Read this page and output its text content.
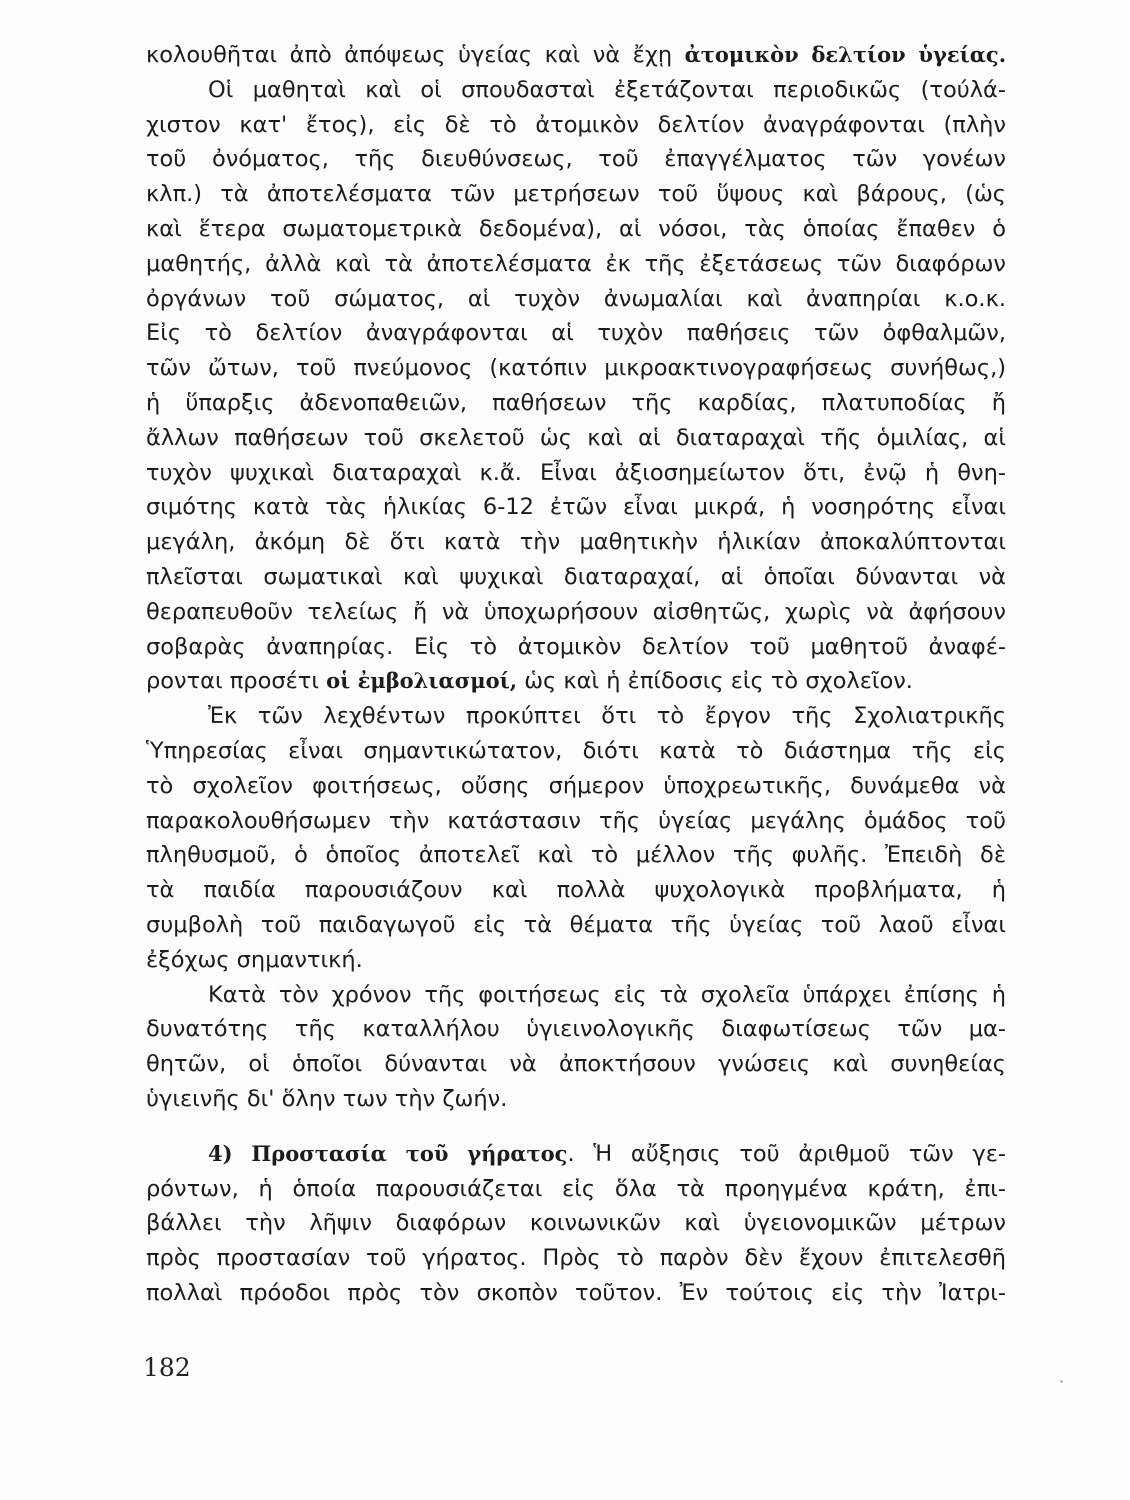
κολουθῆται ἀπὸ ἀπόψεως ὑγείας καὶ νὰ ἔχῃ ἀτομικὸν δελτίον ὑγείας.
Οἱ μαθηταὶ καὶ οἱ σπουδασταὶ ἐξετάζονται περιοδικῶς (τούλά-
χιστον κατ' ἔτος), εἰς δὲ τὸ ἀτομικὸν δελτίον ἀναγράφονται (πλὴν
τοῦ ὀνόματος, τῆς διευθύνσεως, τοῦ ἐπαγγέλματος τῶν γονέων
κλπ.) τὰ ἀποτελέσματα τῶν μετρήσεων τοῦ ὕψους καὶ βάρους, (ὡς
καὶ ἕτερα σωματομετρικὰ δεδομένα), αἱ νόσοι, τὰς ὁποίας ἔπαθεν ὁ
μαθητής, ἀλλὰ καὶ τὰ ἀποτελέσματα ἐκ τῆς ἐξετάσεως τῶν διαφόρων
ὀργάνων τοῦ σώματος, αἱ τυχὸν ἀνωμαλίαι καὶ ἀναπηρίαι κ.ο.κ.
Εἰς τὸ δελτίον ἀναγράφονται αἱ τυχὸν παθήσεις τῶν ὀφθαλμῶν,
τῶν ὤτων, τοῦ πνεύμονος (κατόπιν μικροακτινογραφήσεως συνήθως,)
ἡ ὕπαρξις ἀδενοπαθειῶν, παθήσεων τῆς καρδίας, πλατυποδίας ἤ
ἄλλων παθήσεων τοῦ σκελετοῦ ὡς καὶ αἱ διαταραχαὶ τῆς ὁμιλίας, αἱ
τυχὸν ψυχικαὶ διαταραχαὶ κ.ἄ. Εἶναι ἀξιοσημείωτον ὅτι, ἐνῷ ἡ θνη-
σιμότης κατὰ τὰς ἡλικίας 6-12 ἐτῶν εἶναι μικρά, ἡ νοσηρότης εἶναι
μεγάλη, ἀκόμη δὲ ὅτι κατὰ τὴν μαθητικὴν ἡλικίαν ἀποκαλύπτονται
πλεῖσται σωματικαὶ καὶ ψυχικαὶ διαταραχαί, αἱ ὁποῖαι δύνανται νὰ
θεραπευθοῦν τελείως ἤ νὰ ὑποχωρήσουν αἰσθητῶς, χωρὶς νὰ ἀφήσουν
σοβαρὰς ἀναπηρίας. Εἰς τὸ ἀτομικὸν δελτίον τοῦ μαθητοῦ ἀναφέ-
ρονται προσέτι οἱ ἐμβολιασμοί, ὡς καὶ ἡ ἐπίδοσις εἰς τὸ σχολεῖον.
Ἐκ τῶν λεχθέντων προκύπτει ὅτι τὸ ἔργον τῆς Σχολιατρικῆς
Ὑπηρεσίας εἶναι σημαντικώτατον, διότι κατὰ τὸ διάστημα τῆς εἰς
τὸ σχολεῖον φοιτήσεως, οὔσης σήμερον ὑποχρεωτικῆς, δυνάμεθα νὰ
παρακολουθήσωμεν τὴν κατάστασιν τῆς ὑγείας μεγάλης ὁμάδος τοῦ
πληθυσμοῦ, ὁ ὁποῖος ἀποτελεῖ καὶ τὸ μέλλον τῆς φυλῆς. Ἐπειδὴ δὲ
τὰ παιδία παρουσιάζουν καὶ πολλὰ ψυχολογικὰ προβλήματα, ἡ
συμβολὴ τοῦ παιδαγωγοῦ εἰς τὰ θέματα τῆς ὑγείας τοῦ λαοῦ εἶναι
ἐξόχως σημαντική.
Κατὰ τὸν χρόνον τῆς φοιτήσεως εἰς τὰ σχολεῖα ὑπάρχει ἐπίσης ἡ
δυνατότης τῆς καταλλήλου ὑγιεινολογικῆς διαφωτίσεως τῶν μα-
θητῶν, οἱ ὁποῖοι δύνανται νὰ ἀποκτήσουν γνώσεις καὶ συνηθείας
ὑγιεινῆς δι' ὅλην των τὴν ζωήν.
4) Προστασία τοῦ γήρατος. Ἡ αὔξησις τοῦ ἀριθμοῦ τῶν γε-
ρόντων, ἡ ὁποία παρουσιάζεται εἰς ὅλα τὰ προηγμένα κράτη, ἐπι-
βάλλει τὴν λῆψιν διαφόρων κοινωνικῶν καὶ ὑγειονομικῶν μέτρων
πρὸς προστασίαν τοῦ γήρατος. Πρὸς τὸ παρὸν δὲν ἔχουν ἐπιτελεσθῆ
πολλαὶ πρόοδοι πρὸς τὸν σκοπὸν τοῦτον. Ἐν τούτοις εἰς τὴν Ἰατρι-
182
